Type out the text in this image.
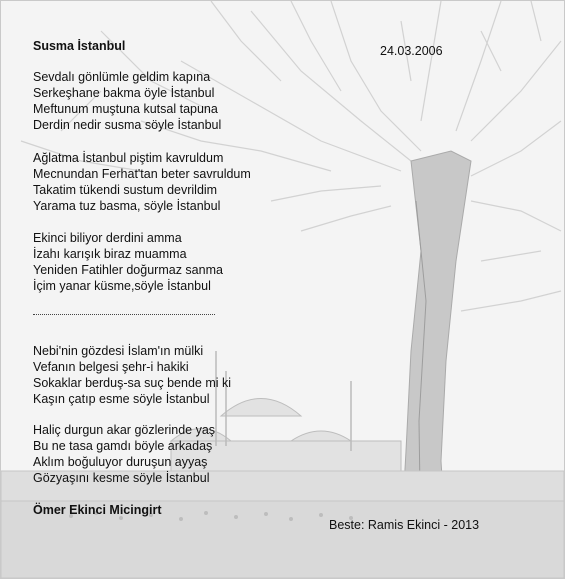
Susma İstanbul	24.03.2006
Sevdalı gönlümle geldim kapına
Serkeşhane bakma öyle İstanbul
Meftunum muştuna kutsal tapuna
Derdin nedir susma söyle İstanbul
Ağlatma İstanbul piştim kavruldum
Mecnundan Ferhat'tan beter savruldum
Takatim tükendi sustum devrildim
Yarama tuz basma, söyle İstanbul
Ekinci biliyor derdini amma
İzahı karışık biraz muamma
Yeniden Fatihler doğurmaz sanma
İçim yanar küsme,söyle İstanbul
Nebi'nin gözdesi İslam'ın mülki
Vefanın belgesi şehr-i hakiki
Sokaklar berduş-sa suç bende mi ki
Kaşın çatıp esme söyle İstanbul
Haliç durgun akar gözlerinde yaş
Bu ne tasa gamdı böyle arkadaş
Aklım boğuluyor duruşun ayyaş
Gözyaşını kesme söyle İstanbul
Ömer Ekinci Micingirt
Beste: Ramis Ekinci - 2013
